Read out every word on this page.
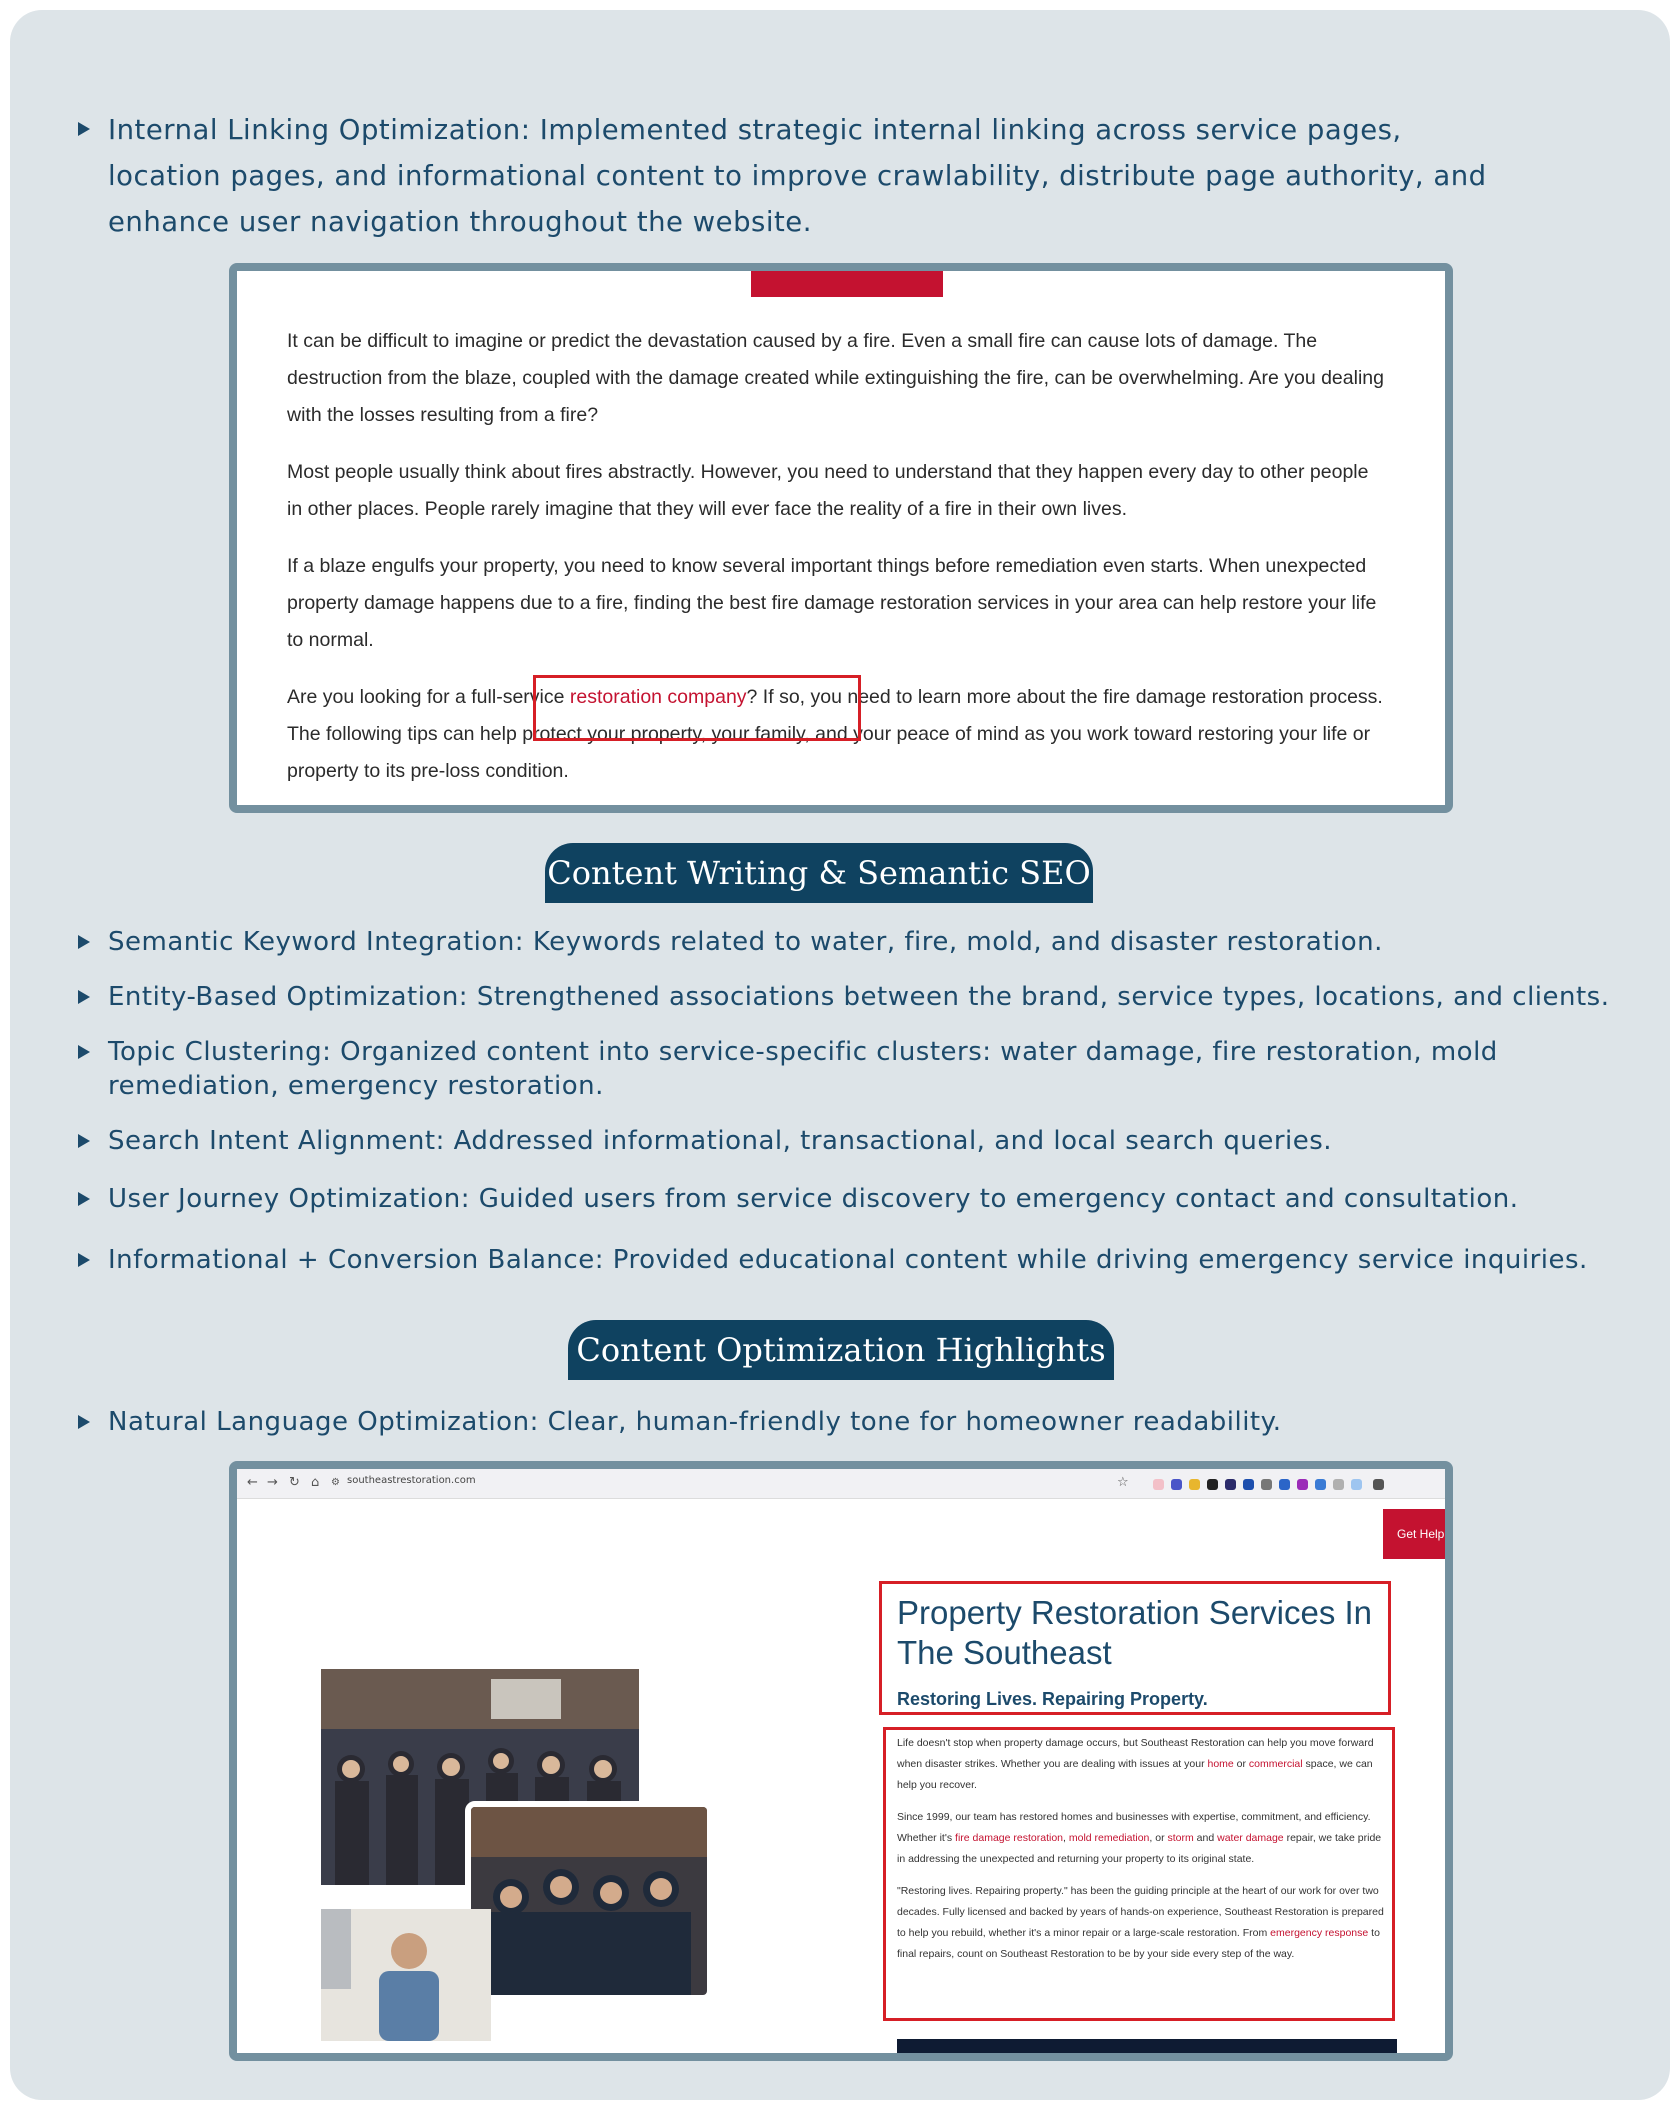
Internal Linking Optimization: Implemented strategic internal linking across service pages,
location pages, and informational content to improve crawlability, distribute page authority, and
enhance user navigation throughout the website.

It can be difficult to imagine or predict the devastation caused by a fire. Even a small fire can cause lots of damage. The destruction from the blaze, coupled with the damage created while extinguishing the fire, can be overwhelming. Are you dealing with the losses resulting from a fire?

Most people usually think about fires abstractly. However, you need to understand that they happen every day to other people in other places. People rarely imagine that they will ever face the reality of a fire in their own lives.

If a blaze engulfs your property, you need to know several important things before remediation even starts. When unexpected property damage happens due to a fire, finding the best fire damage restoration services in your area can help restore your life to normal.

Are you looking for a full-service restoration company? If so, you need to learn more about the fire damage restoration process. The following tips can help protect your property, your family, and your peace of mind as you work toward restoring your life or property to its pre-loss condition.

Content Writing & Semantic SEO
Semantic Keyword Integration: Keywords related to water, fire, mold, and disaster restoration.
Entity-Based Optimization: Strengthened associations between the brand, service types, locations, and clients.
Topic Clustering: Organized content into service-specific clusters: water damage, fire restoration, mold
remediation, emergency restoration.
Search Intent Alignment: Addressed informational, transactional, and local search queries.
User Journey Optimization: Guided users from service discovery to emergency contact and consultation.
Informational + Conversion Balance: Provided educational content while driving emergency service inquiries.
Content Optimization Highlights
Natural Language Optimization: Clear, human-friendly tone for homeowner readability.
← → ↻ ⌂ ⚙ southeastrestoration.com	☆
Get Help I
Property Restoration Services In
The Southeast
Restoring Lives. Repairing Property.

Life doesn't stop when property damage occurs, but Southeast Restoration can help you move forward when disaster strikes. Whether you are dealing with issues at your home or commercial space, we can help you recover.

Since 1999, our team has restored homes and businesses with expertise, commitment, and efficiency. Whether it's fire damage restoration, mold remediation, or storm and water damage repair, we take pride in addressing the unexpected and returning your property to its original state.

"Restoring lives. Repairing property." has been the guiding principle at the heart of our work for over two decades. Fully licensed and backed by years of hands-on experience, Southeast Restoration is prepared to help you rebuild, whether it's a minor repair or a large-scale restoration. From emergency response to final repairs, count on Southeast Restoration to be by your side every step of the way.
